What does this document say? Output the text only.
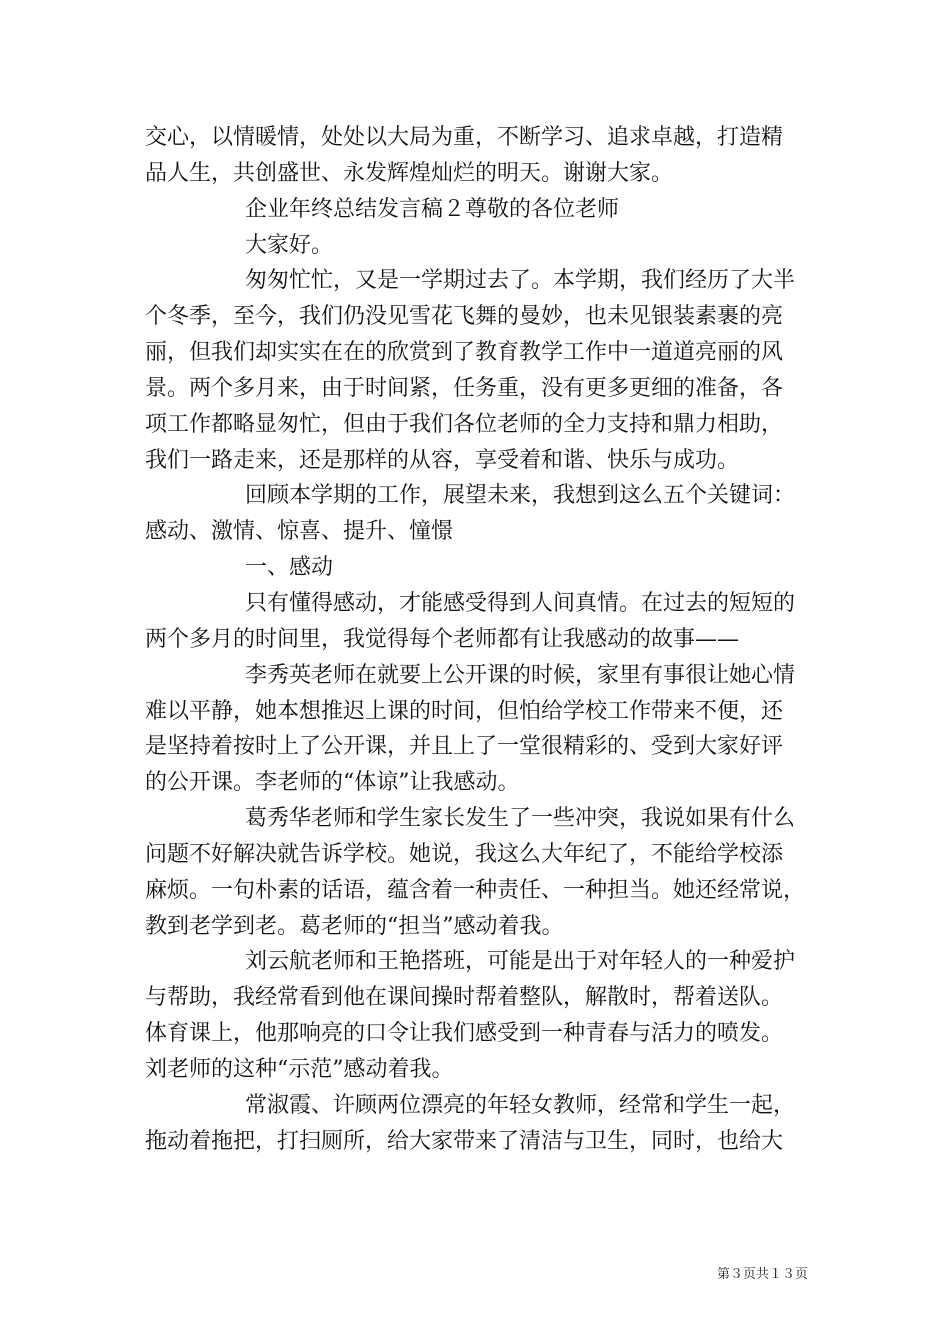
交心，以情暖情，处处以大局为重，不断学习、追求卓越，打造精
品人生，共创盛世、永发辉煌灿烂的明天。谢谢大家。
企业年终总结发言稿２尊敬的各位老师
大家好。
匆匆忙忙，又是一学期过去了。本学期，我们经历了大半
个冬季，至今，我们仍没见雪花飞舞的曼妙，也未见银装素裹的亮
丽，但我们却实实在在的欣赏到了教育教学工作中一道道亮丽的风
景。两个多月来，由于时间紧，任务重，没有更多更细的准备，各
项工作都略显匆忙，但由于我们各位老师的全力支持和鼎力相助，
我们一路走来，还是那样的从容，享受着和谐、快乐与成功。
回顾本学期的工作，展望未来，我想到这么五个关键词：
感动、激情、惊喜、提升、憧憬
一、感动
只有懂得感动，才能感受得到人间真情。在过去的短短的
两个多月的时间里，我觉得每个老师都有让我感动的故事——
李秀英老师在就要上公开课的时候，家里有事很让她心情
难以平静，她本想推迟上课的时间，但怕给学校工作带来不便，还
是坚持着按时上了公开课，并且上了一堂很精彩的、受到大家好评
的公开课。李老师的“体谅”让我感动。
葛秀华老师和学生家长发生了一些冲突，我说如果有什么
问题不好解决就告诉学校。她说，我这么大年纪了，不能给学校添
麻烦。一句朴素的话语，蕴含着一种责任、一种担当。她还经常说，
教到老学到老。葛老师的“担当”感动着我。
刘云航老师和王艳搭班，可能是出于对年轻人的一种爱护
与帮助，我经常看到他在课间操时帮着整队，解散时，帮着送队。
体育课上，他那响亮的口令让我们感受到一种青春与活力的喷发。
刘老师的这种“示范”感动着我。
常淑霞、许顾两位漂亮的年轻女教师，经常和学生一起，
拖动着拖把，打扫厕所，给大家带来了清洁与卫生，同时，也给大
第３页共１３页
